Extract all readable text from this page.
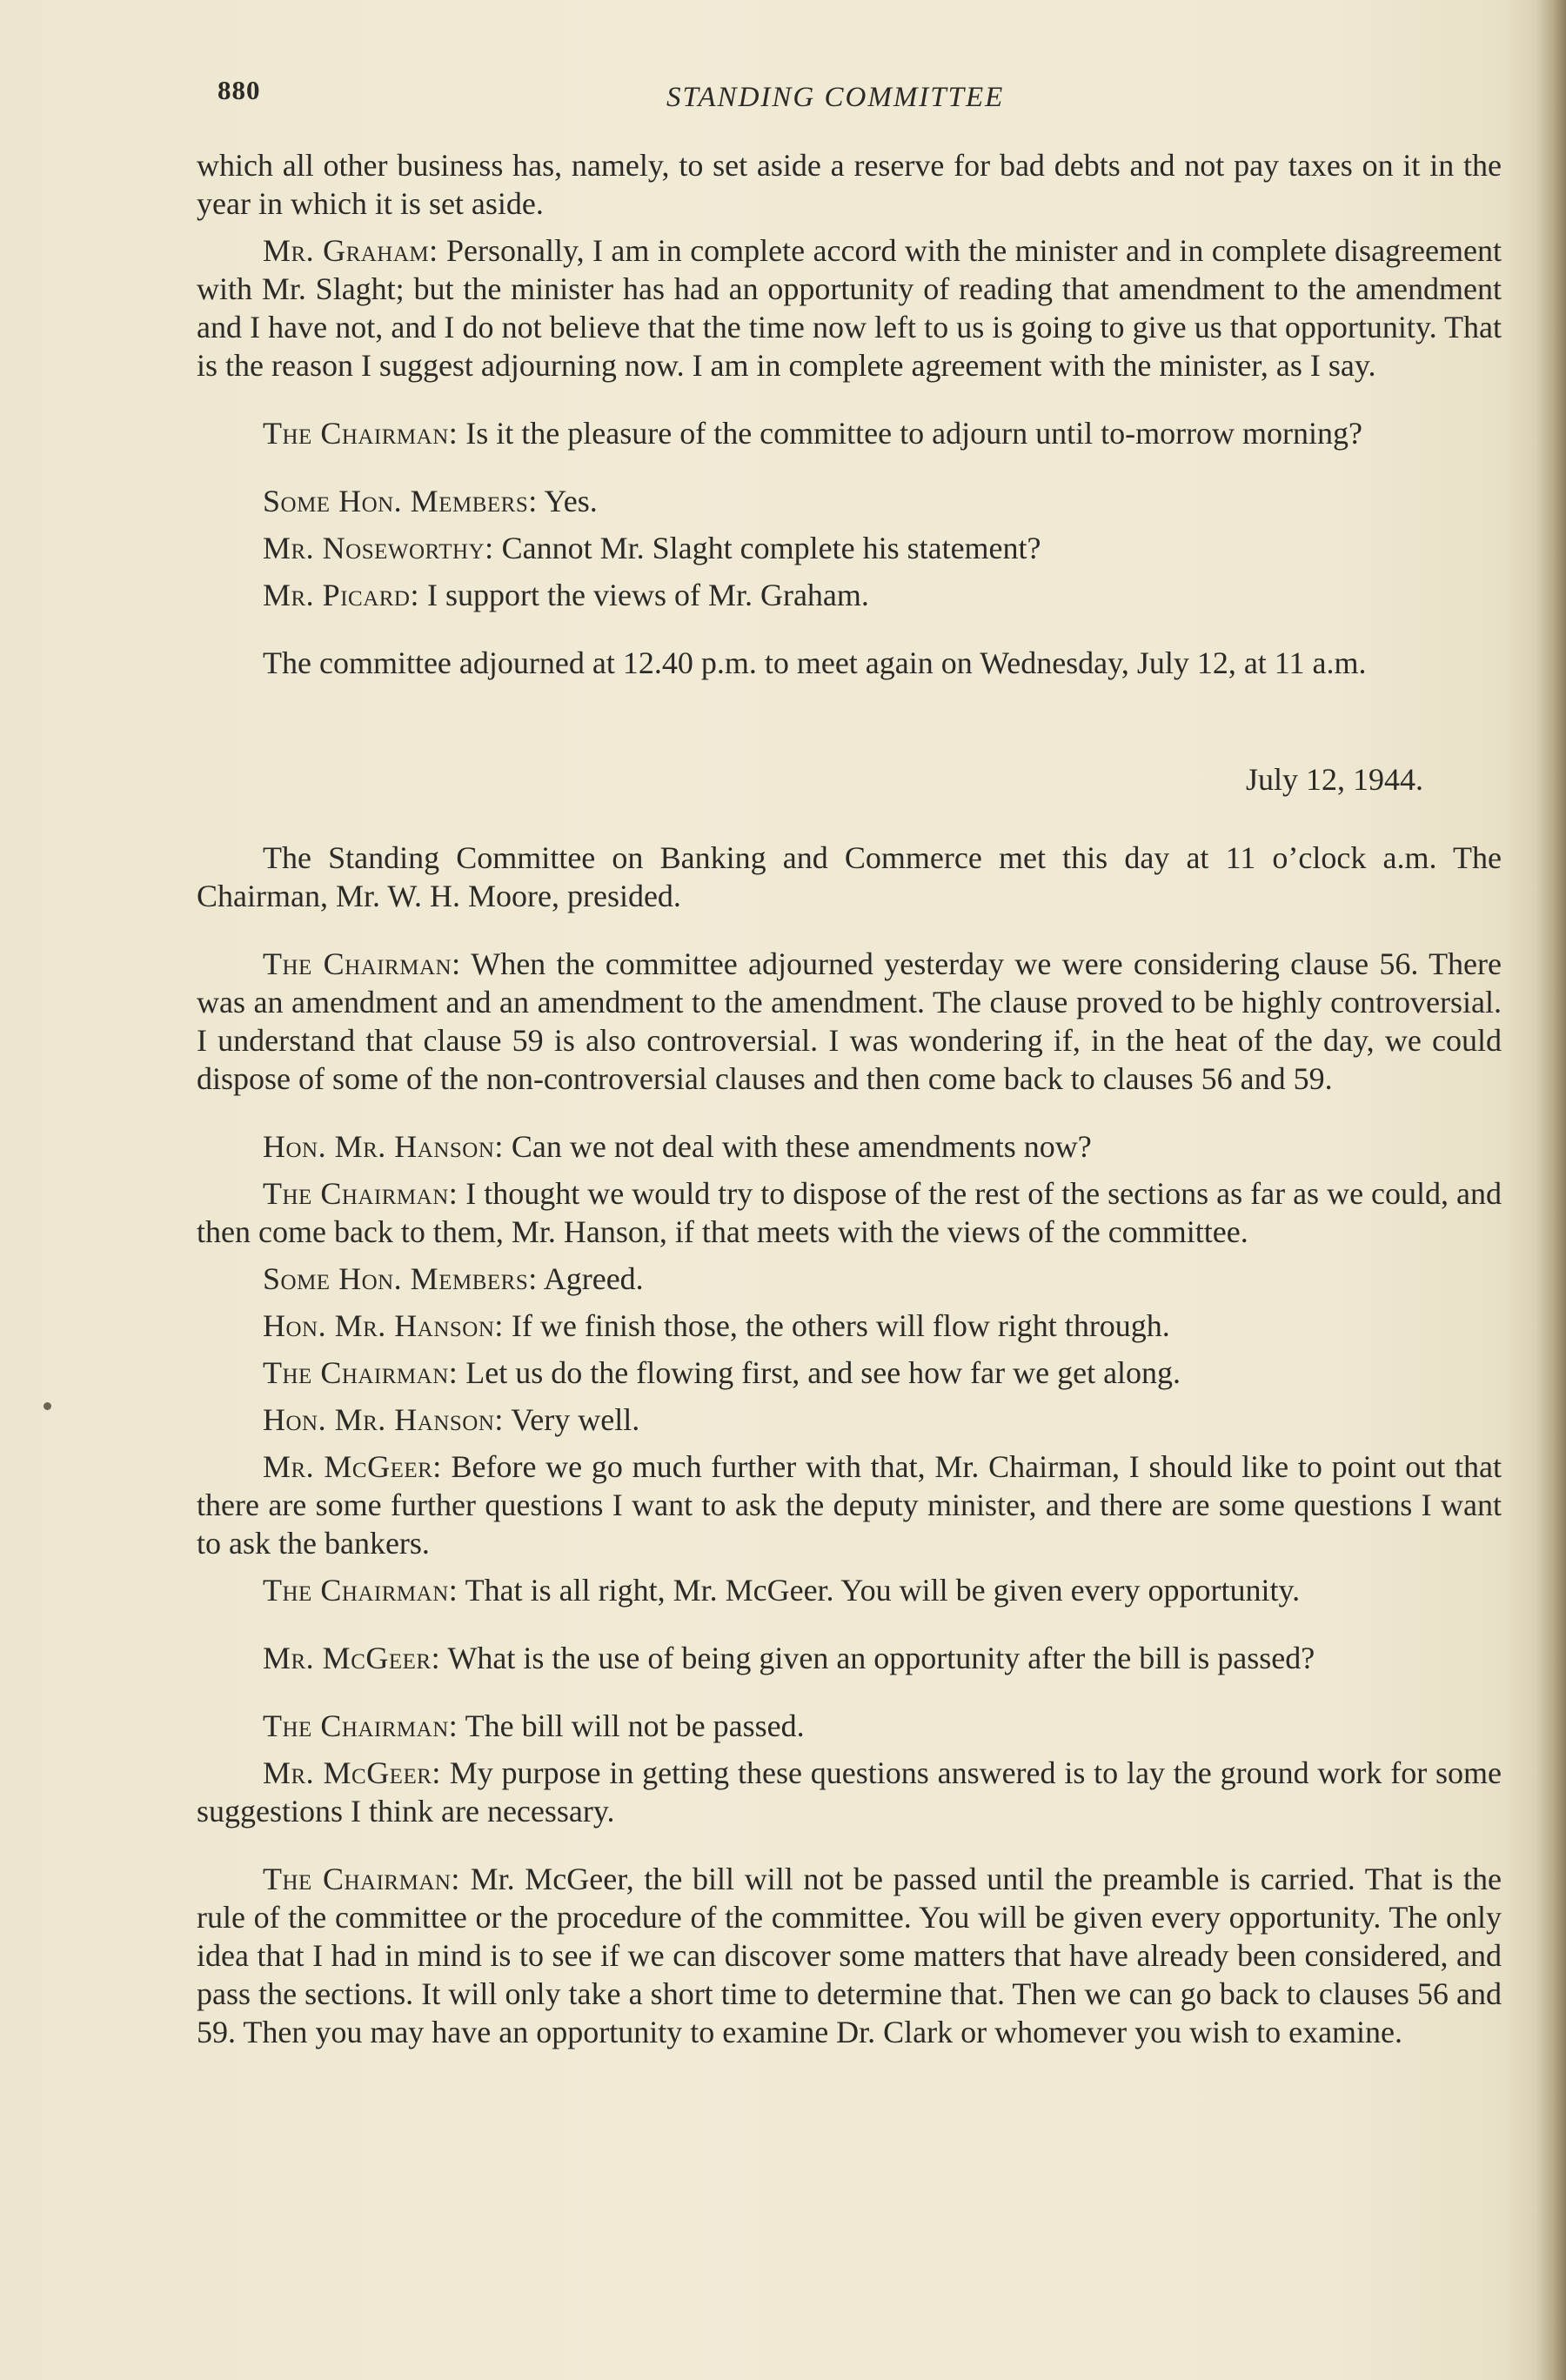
880	STANDING COMMITTEE

which all other business has, namely, to set aside a reserve for bad debts and not pay taxes on it in the year in which it is set aside.

Mr. Graham: Personally, I am in complete accord with the minister and in complete disagreement with Mr. Slaght; but the minister has had an opportunity of reading that amendment to the amendment and I have not, and I do not believe that the time now left to us is going to give us that opportunity. That is the reason I suggest adjourning now. I am in complete agreement with the minister, as I say.

The Chairman: Is it the pleasure of the committee to adjourn until to-morrow morning?

Some Hon. Members: Yes.

Mr. Noseworthy: Cannot Mr. Slaght complete his statement?

Mr. Picard: I support the views of Mr. Graham.

The committee adjourned at 12.40 p.m. to meet again on Wednesday, July 12, at 11 a.m.

July 12, 1944.

The Standing Committee on Banking and Commerce met this day at 11 o’clock a.m. The Chairman, Mr. W. H. Moore, presided.

The Chairman: When the committee adjourned yesterday we were considering clause 56. There was an amendment and an amendment to the amendment. The clause proved to be highly controversial. I understand that clause 59 is also controversial. I was wondering if, in the heat of the day, we could dispose of some of the non-controversial clauses and then come back to clauses 56 and 59.

Hon. Mr. Hanson: Can we not deal with these amendments now?

The Chairman: I thought we would try to dispose of the rest of the sections as far as we could, and then come back to them, Mr. Hanson, if that meets with the views of the committee.

Some Hon. Members: Agreed.

Hon. Mr. Hanson: If we finish those, the others will flow right through.

The Chairman: Let us do the flowing first, and see how far we get along.

Hon. Mr. Hanson: Very well.

Mr. McGeer: Before we go much further with that, Mr. Chairman, I should like to point out that there are some further questions I want to ask the deputy minister, and there are some questions I want to ask the bankers.

The Chairman: That is all right, Mr. McGeer. You will be given every opportunity.

Mr. McGeer: What is the use of being given an opportunity after the bill is passed?

The Chairman: The bill will not be passed.

Mr. McGeer: My purpose in getting these questions answered is to lay the ground work for some suggestions I think are necessary.

The Chairman: Mr. McGeer, the bill will not be passed until the preamble is carried. That is the rule of the committee or the procedure of the committee. You will be given every opportunity. The only idea that I had in mind is to see if we can discover some matters that have already been considered, and pass the sections. It will only take a short time to determine that. Then we can go back to clauses 56 and 59. Then you may have an opportunity to examine Dr. Clark or whomever you wish to examine.
